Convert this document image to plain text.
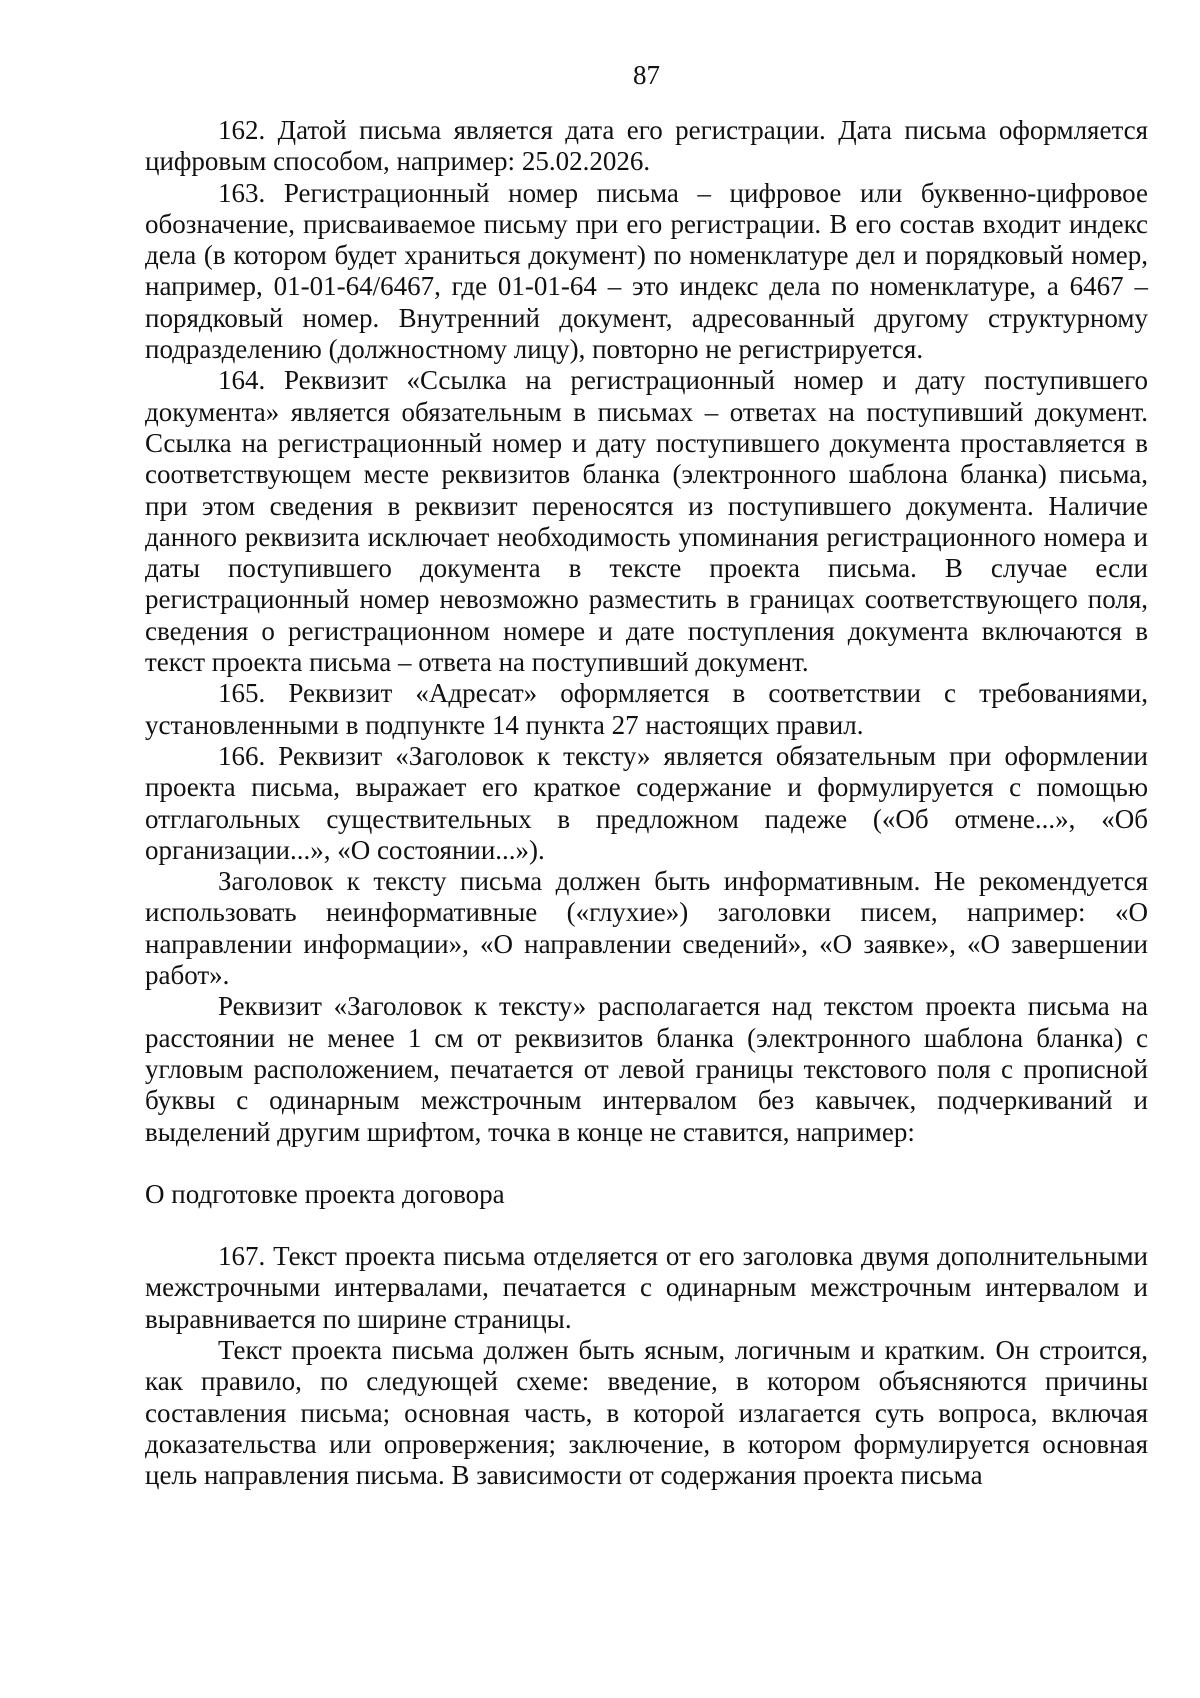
87

162. Датой письма является дата его регистрации. Дата письма оформляется цифровым способом, например: 25.02.2026.

163. Регистрационный номер письма – цифровое или буквенно-цифровое обозначение, присваиваемое письму при его регистрации. В его состав входит индекс дела (в котором будет храниться документ) по номенклатуре дел и порядковый номер, например, 01-01-64/6467, где 01-01-64 – это индекс дела по номенклатуре, а 6467 – порядковый номер. Внутренний документ, адресованный другому структурному подразделению (должностному лицу), повторно не регистрируется.

164. Реквизит «Ссылка на регистрационный номер и дату поступившего документа» является обязательным в письмах – ответах на поступивший документ. Ссылка на регистрационный номер и дату поступившего документа проставляется в соответствующем месте реквизитов бланка (электронного шаблона бланка) письма, при этом сведения в реквизит переносятся из поступившего документа. Наличие данного реквизита исключает необходимость упоминания регистрационного номера и даты поступившего документа в тексте проекта письма. В случае если регистрационный номер невозможно разместить в границах соответствующего поля, сведения о регистрационном номере и дате поступления документа включаются в текст проекта письма – ответа на поступивший документ.

165. Реквизит «Адресат» оформляется в соответствии с требованиями, установленными в подпункте 14 пункта 27 настоящих правил.

166. Реквизит «Заголовок к тексту» является обязательным при оформлении проекта письма, выражает его краткое содержание и формулируется с помощью отглагольных существительных в предложном падеже («Об отмене...», «Об организации...», «О состоянии...»).

Заголовок к тексту письма должен быть информативным. Не рекомендуется использовать неинформативные («глухие») заголовки писем, например: «О направлении информации», «О направлении сведений», «О заявке», «О завершении работ».

Реквизит «Заголовок к тексту» располагается над текстом проекта письма на расстоянии не менее 1 см от реквизитов бланка (электронного шаблона бланка) с угловым расположением, печатается от левой границы текстового поля с прописной буквы с одинарным межстрочным интервалом без кавычек, подчеркиваний и выделений другим шрифтом, точка в конце не ставится, например:

О подготовке проекта договора

167. Текст проекта письма отделяется от его заголовка двумя дополнительными межстрочными интервалами, печатается с одинарным межстрочным интервалом и выравнивается по ширине страницы.

Текст проекта письма должен быть ясным, логичным и кратким. Он строится, как правило, по следующей схеме: введение, в котором объясняются причины составления письма; основная часть, в которой излагается суть вопроса, включая доказательства или опровержения; заключение, в котором формулируется основная цель направления письма. В зависимости от содержания проекта письма
